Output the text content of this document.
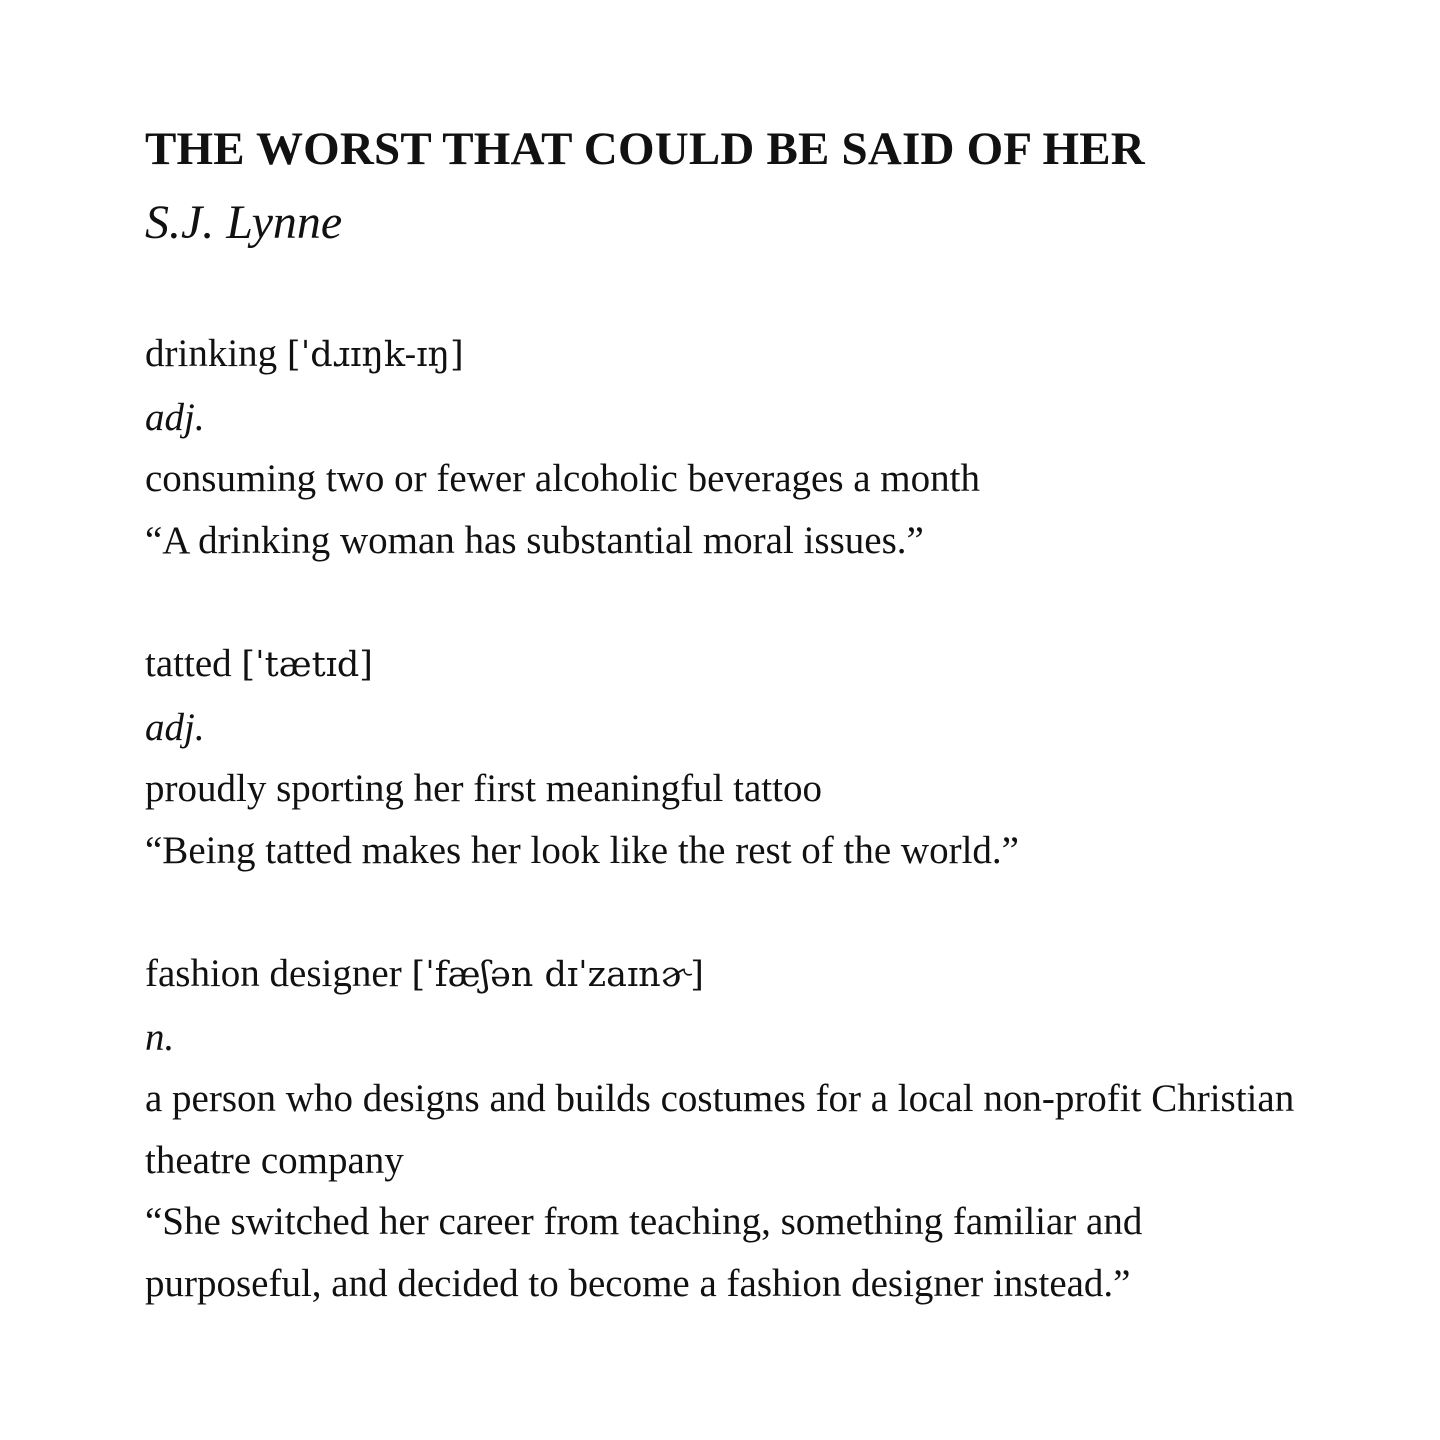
THE WORST THAT COULD BE SAID OF HER
S.J. Lynne

drinking [ˈdɹɪŋk-ɪŋ]

adj.

consuming two or fewer alcoholic beverages a month

“A drinking woman has substantial moral issues.”

tatted [ˈtætɪd]

adj.

proudly sporting her first meaningful tattoo

“Being tatted makes her look like the rest of the world.”

fashion designer [ˈfæʃən dɪˈzaɪnɚ]

n.

a person who designs and builds costumes for a local non-profit Christian theatre company

“She switched her career from teaching, something familiar and purposeful, and decided to become a fashion designer instead.”
